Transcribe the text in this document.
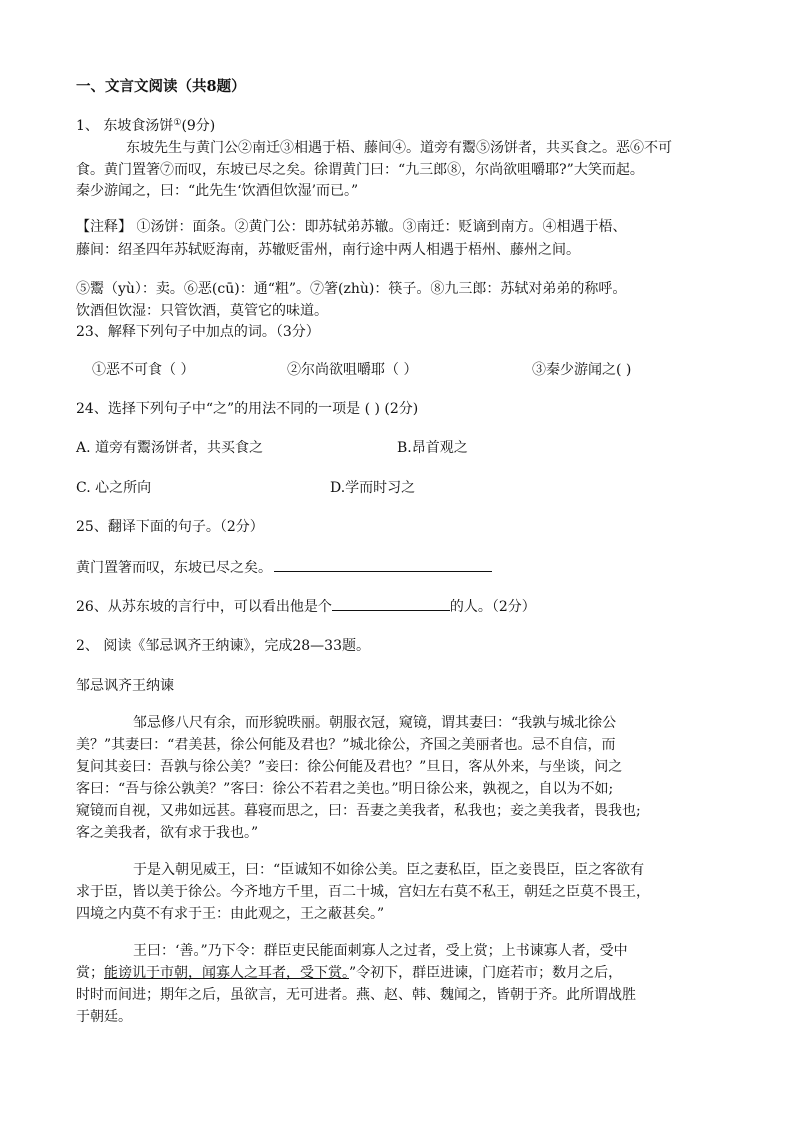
一、文言文阅读（共8题）
1、 东坡食汤饼①(9分)
东坡先生与黄门公②南迁③相遇于梧、藤间④。道旁有鬻⑤汤饼者，共买食之。恶⑥不可
食。黄门置箸⑦而叹，东坡已尽之矣。徐谓黄门曰：“九三郎⑧，尔尚欲咀嚼耶?”大笑而起。
秦少游闻之，曰：“此先生‘饮酒但饮湿’而已。”
【注释】 ①汤饼：面条。②黄门公：即苏轼弟苏辙。③南迁：贬谪到南方。④相遇于梧、
藤间：绍圣四年苏轼贬海南，苏辙贬雷州，南行途中两人相遇于梧州、藤州之间。
⑤鬻（yù）：卖。⑥恶(cū)：通“粗”。⑦箸(zhù)：筷子。⑧九三郎：苏轼对弟弟的称呼。
饮酒但饮湿：只管饮酒，莫管它的味道。
23、解释下列句子中加点的词。（3分）
①恶不可食（ ）	②尔尚欲咀嚼耶（ ）	③秦少游闻之( )
24、选择下列句子中“之”的用法不同的一项是 ( ) (2分)
A. 道旁有鬻汤饼者，共买食之	B.昂首观之
C. 心之所向	D.学而时习之
25、翻译下面的句子。（2分）
黄门置箸而叹，东坡已尽之矣。
26、从苏东坡的言行中，可以看出他是个	的人。（2分）
2、 阅读《邹忌讽齐王纳谏》，完成28—33题。
邹忌讽齐王纳谏
邹忌修八尺有余，而形貌昳丽。朝服衣冠，窥镜，谓其妻曰：“我孰与城北徐公
美？”其妻曰：“君美甚，徐公何能及君也？”城北徐公，齐国之美丽者也。忌不自信，而
复问其妾曰：吾孰与徐公美？”妾曰：徐公何能及君也？”旦日，客从外来，与坐谈，问之
客曰：“吾与徐公孰美？”客曰：徐公不若君之美也。”明日徐公来，孰视之，自以为不如;
窥镜而自视，又弗如远甚。暮寝而思之，曰：吾妻之美我者，私我也；妾之美我者，畏我也;
客之美我者，欲有求于我也。”
于是入朝见威王，曰：“臣诚知不如徐公美。臣之妻私臣，臣之妾畏臣，臣之客欲有
求于臣，皆以美于徐公。今齐地方千里，百二十城，宫妇左右莫不私王，朝廷之臣莫不畏王，
四境之内莫不有求于王：由此观之，王之蔽甚矣。”
王曰：‘善。”乃下令：群臣吏民能面刺寡人之过者，受上赏；上书谏寡人者，受中
赏；能谤讥于市朝，闻寡人之耳者，受下赏。”令初下，群臣进谏，门庭若市；数月之后，
时时而间进；期年之后，虽欲言，无可进者。燕、赵、韩、魏闻之，皆朝于齐。此所谓战胜
于朝廷。
